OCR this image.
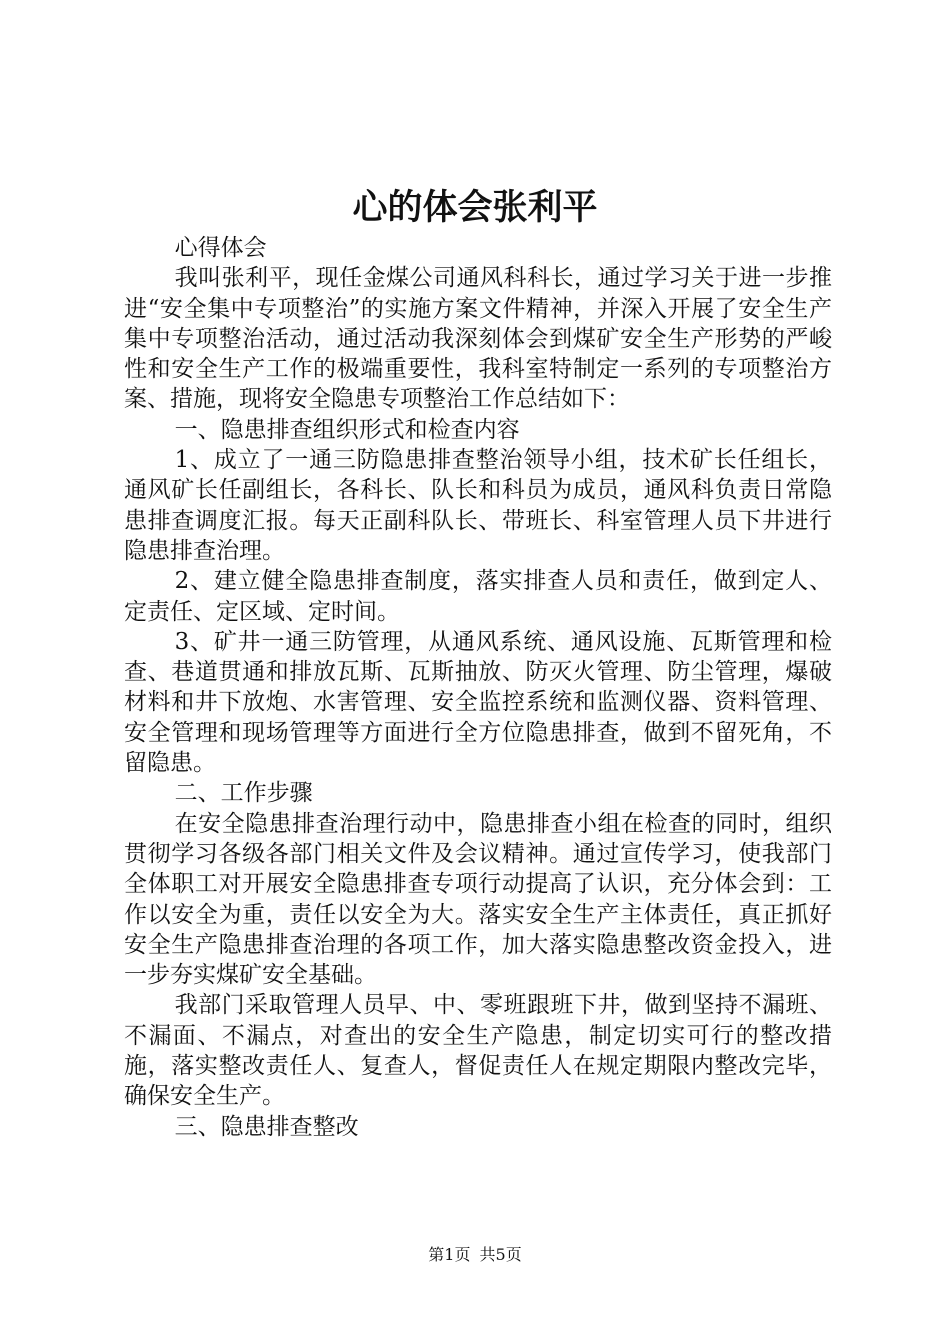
心的体会张利平

心得体会

我叫张利平，现任金煤公司通风科科长，通过学习关于进一步推进“安全集中专项整治”的实施方案文件精神，并深入开展了安全生产集中专项整治活动，通过活动我深刻体会到煤矿安全生产形势的严峻性和安全生产工作的极端重要性，我科室特制定一系列的专项整治方案、措施，现将安全隐患专项整治工作总结如下：

一、隐患排查组织形式和检查内容

1、成立了一通三防隐患排查整治领导小组，技术矿长任组长，通风矿长任副组长，各科长、队长和科员为成员，通风科负责日常隐患排查调度汇报。每天正副科队长、带班长、科室管理人员下井进行隐患排查治理。

2、建立健全隐患排查制度，落实排查人员和责任，做到定人、定责任、定区域、定时间。

3、矿井一通三防管理，从通风系统、通风设施、瓦斯管理和检查、巷道贯通和排放瓦斯、瓦斯抽放、防灭火管理、防尘管理，爆破材料和井下放炮、水害管理、安全监控系统和监测仪器、资料管理、安全管理和现场管理等方面进行全方位隐患排查，做到不留死角，不留隐患。

二、工作步骤

在安全隐患排查治理行动中，隐患排查小组在检查的同时，组织贯彻学习各级各部门相关文件及会议精神。通过宣传学习，使我部门全体职工对开展安全隐患排查专项行动提高了认识，充分体会到：工作以安全为重，责任以安全为大。落实安全生产主体责任，真正抓好安全生产隐患排查治理的各项工作，加大落实隐患整改资金投入，进一步夯实煤矿安全基础。

我部门采取管理人员早、中、零班跟班下井，做到坚持不漏班、不漏面、不漏点，对查出的安全生产隐患，制定切实可行的整改措施，落实整改责任人、复查人，督促责任人在规定期限内整改完毕，确保安全生产。

三、隐患排查整改

第1页 共5页
